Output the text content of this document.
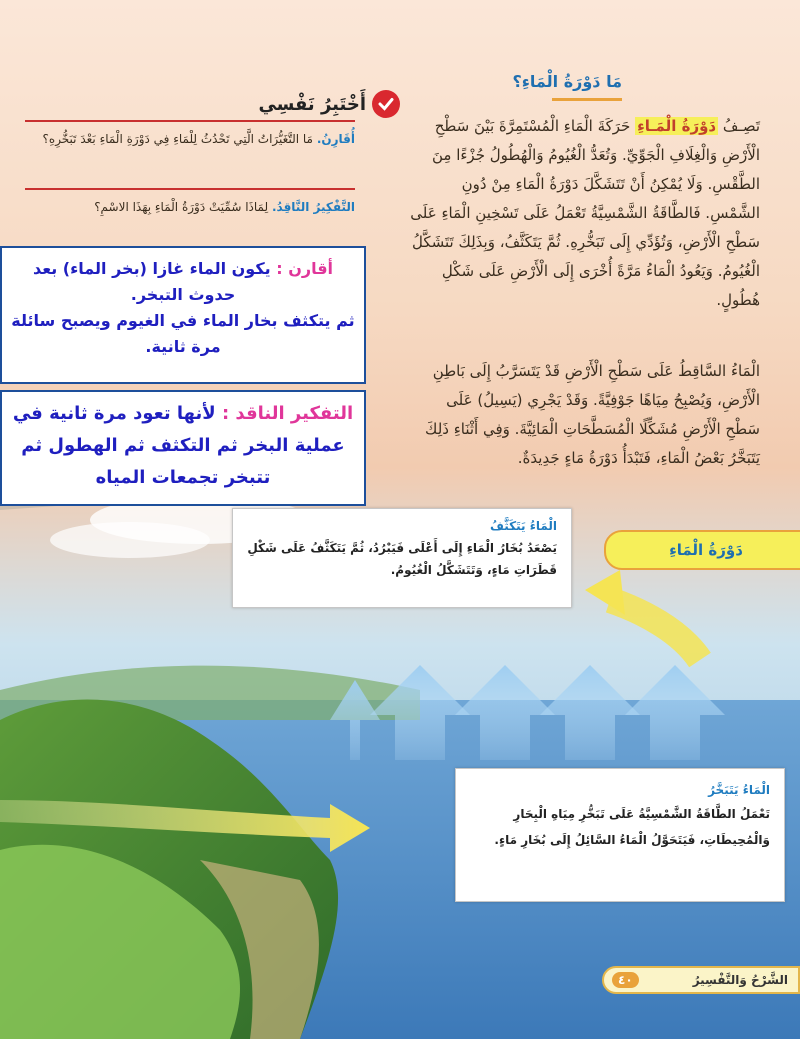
مَا دَوْرَةُ الْمَاءِ؟
تَصِـفُ دَوْرَةُ الْمَـاءِ حَرَكَةَ الْمَاءِ الْمُسْتَمِرَّةَ بَيْنَ سَطْحِ الْأَرْضِ وَالْغِلَافِ الْجَوِّيِّ. وَتُعَدُّ الْغُيُومُ وَالْهُطُولُ جُزْءًا مِنَ الطَّقْسِ. وَلَا يُمْكِنُ أَنْ تَتَشَكَّلَ دَوْرَةُ الْمَاءِ مِنْ دُونِ الشَّمْسِ. فَالطَّاقَةُ الشَّمْسِيَّةُ تَعْمَلُ عَلَى تَسْخِينِ الْمَاءِ عَلَى سَطْحِ الْأَرْضِ، وَتُؤَدِّي إِلَى تَبَخُّرِهِ. ثُمَّ يَتَكَثَّفُ، وَبِذَلِكَ تَتَشَكَّلُ الْغُيُومُ. وَيَعُودُ الْمَاءُ مَرَّةً أُخْرَى إِلَى الْأَرْضِ عَلَى شَكْلِ هُطُولٍ.
الْمَاءُ السَّاقِطُ عَلَى سَطْحِ الْأَرْضِ قَدْ يَتَسَرَّبُ إِلَى بَاطِنِ الْأَرْضِ، وَيُصْبِحُ مِيَاهًا جَوْفِيَّةً. وَقَدْ يَجْرِي (يَسِيلُ) عَلَى سَطْحِ الْأَرْضِ مُشَكِّلًا الْمُسَطَّحَاتِ الْمَائِيَّةَ. وَفِي أَثْنَاءِ ذَلِكَ يَتَبَخَّرُ بَعْضُ الْمَاءِ، فَتَبْدَأُ دَوْرَةُ مَاءٍ جَدِيدَةٌ.
أَخْتَبِرُ نَفْسِي
أُقَارِنُ. مَا التَّغَيُّرَاتُ الَّتِي تَحْدُثُ لِلْمَاءِ فِي دَوْرَةِ الْمَاءِ بَعْدَ تَبَخُّرِهِ؟
التَّفْكِيرُ النَّاقِدُ. لِمَاذَا سُمِّيَتْ دَوْرَةُ الْمَاءِ بِهَذَا الاسْمِ؟
أقارن : يكون الماء غازا (بخر الماء) بعد
حدوث التبخر.
ثم يتكثف بخار الماء في الغيوم ويصبح سائلة
مرة ثانية.
التفكير الناقد : لأنها تعود مرة ثانية في
عملية البخر ثم التكثف ثم الهطول ثم
تتبخر تجمعات المياه
الْمَاءُ يَتَكَثَّفُ
يَصْعَدُ بُخَارُ الْمَاءِ إِلَى أَعْلَى فَيَبْرُدُ، ثُمَّ يَتَكَثَّفُ عَلَى شَكْلِ قَطَرَاتِ مَاءٍ، وَتَتَشَكَّلُ الْغُيُومُ.
دَوْرَةُ الْمَاءِ
الْمَاءُ يَتَبَخَّرُ
تَعْمَلُ الطَّاقَةُ الشَّمْسِيَّةُ عَلَى تَبَخُّرِ مِيَاهِ الْبِحَارِ وَالْمُحِيطَاتِ، فَيَتَحَوَّلُ الْمَاءُ السَّائِلُ إِلَى بُخَارِ مَاءٍ.
٤٠	الشَّرْحُ وَالتَّفْسِيرُ
